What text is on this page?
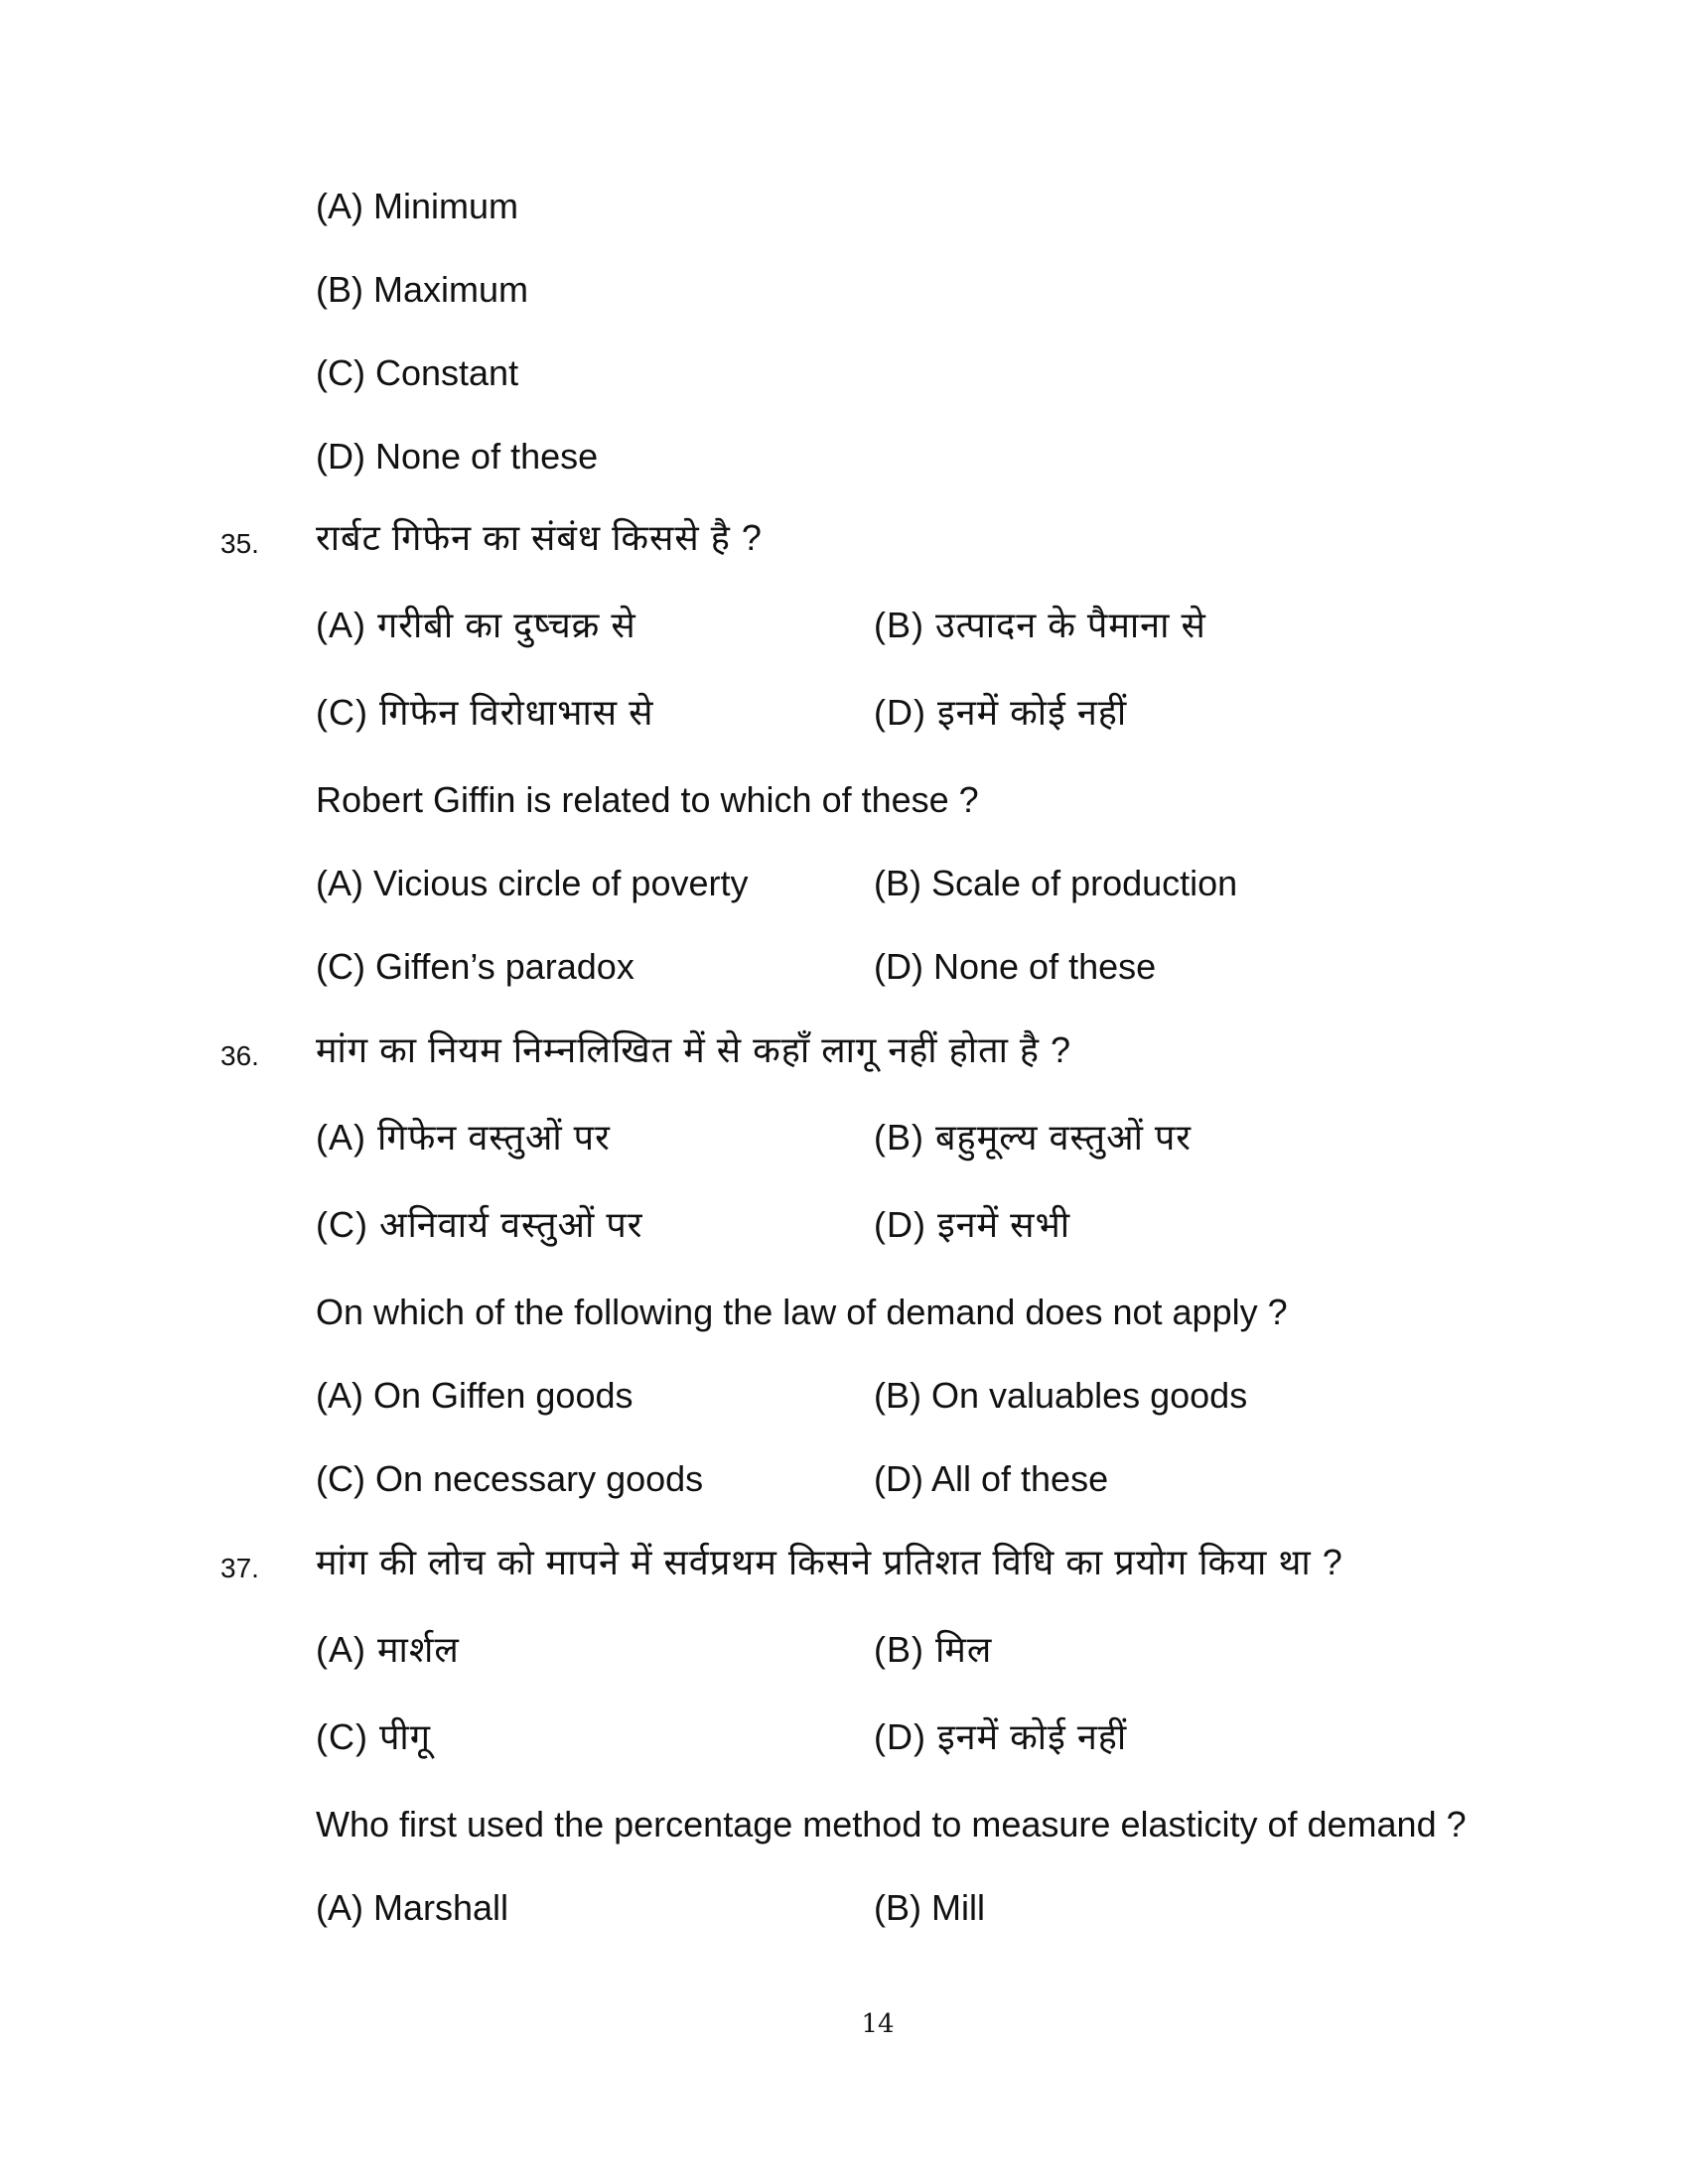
(A) Minimum
(B) Maximum
(C) Constant
(D) None of these
35. रार्बट गिफेन का संबंध किससे है ?
(A) गरीबी का दुष्चक्र से	(B) उत्पादन के पैमाना से
(C) गिफेन विरोधाभास से	(D) इनमें कोई नहीं
Robert Giffin is related to which of these ?
(A) Vicious circle of poverty	(B) Scale of production
(C) Giffen’s paradox	(D) None of these
36. मांग का नियम निम्नलिखित में से कहाँ लागू नहीं होता है ?
(A) गिफेन वस्तुओं पर	(B) बहुमूल्य वस्तुओं पर
(C) अनिवार्य वस्तुओं पर	(D) इनमें सभी
On which of the following the law of demand does not apply ?
(A) On Giffen goods	(B) On valuables goods
(C) On necessary goods	(D) All of these
37. मांग की लोच को मापने में सर्वप्रथम किसने प्रतिशत विधि का प्रयोग किया था ?
(A) मार्शल	(B) मिल
(C) पीगू	(D) इनमें कोई नहीं
Who first used the percentage method to measure elasticity of demand ?
(A) Marshall	(B) Mill
14
